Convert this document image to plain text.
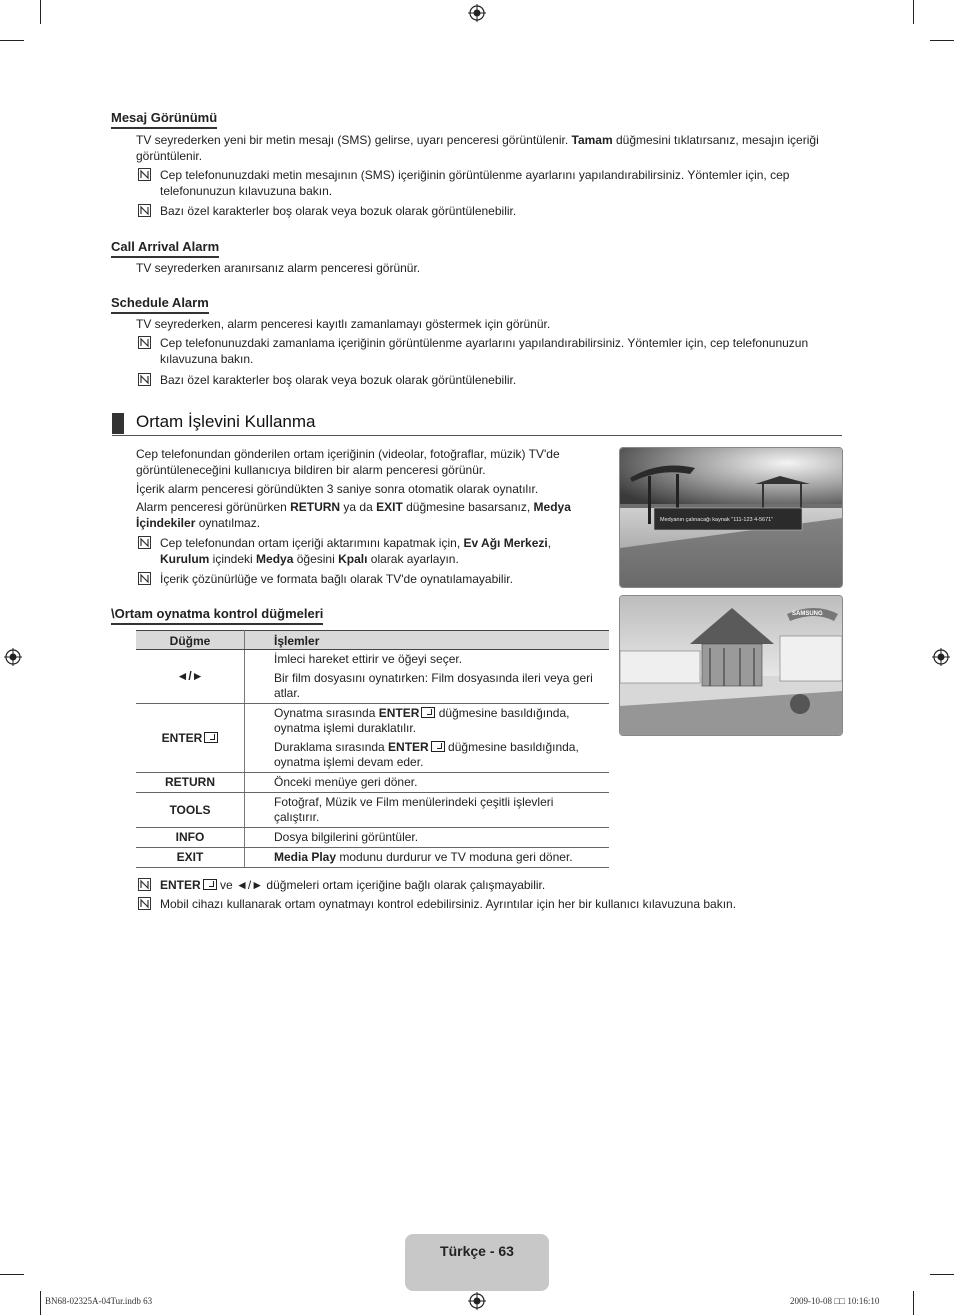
Mesaj Görünümü
TV seyrederken yeni bir metin mesajı (SMS) gelirse, uyarı penceresi görüntülenir. Tamam düğmesini tıklatırsanız, mesajın içeriği
görüntülenir.
Cep telefonunuzdaki metin mesajının (SMS) içeriğinin görüntülenme ayarlarını yapılandırabilirsiniz. Yöntemler için, cep
telefonunuzun kılavuzuna bakın.
Bazı özel karakterler boş olarak veya bozuk olarak görüntülenebilir.
Call Arrival Alarm
TV seyrederken aranırsanız alarm penceresi görünür.
Schedule Alarm
TV seyrederken, alarm penceresi kayıtlı zamanlamayı göstermek için görünür.
Cep telefonunuzdaki zamanlama içeriğinin görüntülenme ayarlarını yapılandırabilirsiniz. Yöntemler için, cep telefonunuzun
kılavuzuna bakın.
Bazı özel karakterler boş olarak veya bozuk olarak görüntülenebilir.
Ortam İşlevini Kullanma
Cep telefonundan gönderilen ortam içeriğinin (videolar, fotoğraflar, müzik) TV'de
görüntüleneceğini kullanıcıya bildiren bir alarm penceresi görünür.
İçerik alarm penceresi göründükten 3 saniye sonra otomatik olarak oynatılır.
Alarm penceresi görünürken RETURN ya da EXIT düğmesine basarsanız, Medya
İçindekiler oynatılmaz.
Cep telefonundan ortam içeriği aktarımını kapatmak için, Ev Ağı Merkezi,
Kurulum içindeki Medya öğesini Kpalı olarak ayarlayın.
İçerik çözünürlüğe ve formata bağlı olarak TV'de oynatılamayabilir.
Medyanın çalınacağı kaynak "111-123 4-5671"
SAMSUNG
\Ortam oynatma kontrol düğmeleri
Düğme	İşlemler
◄/►	İmleci hareket ettirir ve öğeyi seçer.

Bir film dosyasını oynatırken: Film dosyasında ileri veya geri atlar.

ENTER	Oynatma sırasında ENTER düğmesine basıldığında, oynatma işlemi duraklatılır.

Duraklama sırasında ENTER düğmesine basıldığında, oynatma işlemi devam eder.

RETURN	Önceki menüye geri döner.
TOOLS	Fotoğraf, Müzik ve Film menülerindeki çeşitli işlevleri çalıştırır.
INFO	Dosya bilgilerini görüntüler.
EXIT	Media Play modunu durdurur ve TV moduna geri döner.
ENTER ve ◄/► düğmeleri ortam içeriğine bağlı olarak çalışmayabilir.
Mobil cihazı kullanarak ortam oynatmayı kontrol edebilirsiniz. Ayrıntılar için her bir kullanıcı kılavuzuna bakın.
Türkçe - 63
BN68-02325A-04Tur.indb 63	2009-10-08 □□ 10:16:10
